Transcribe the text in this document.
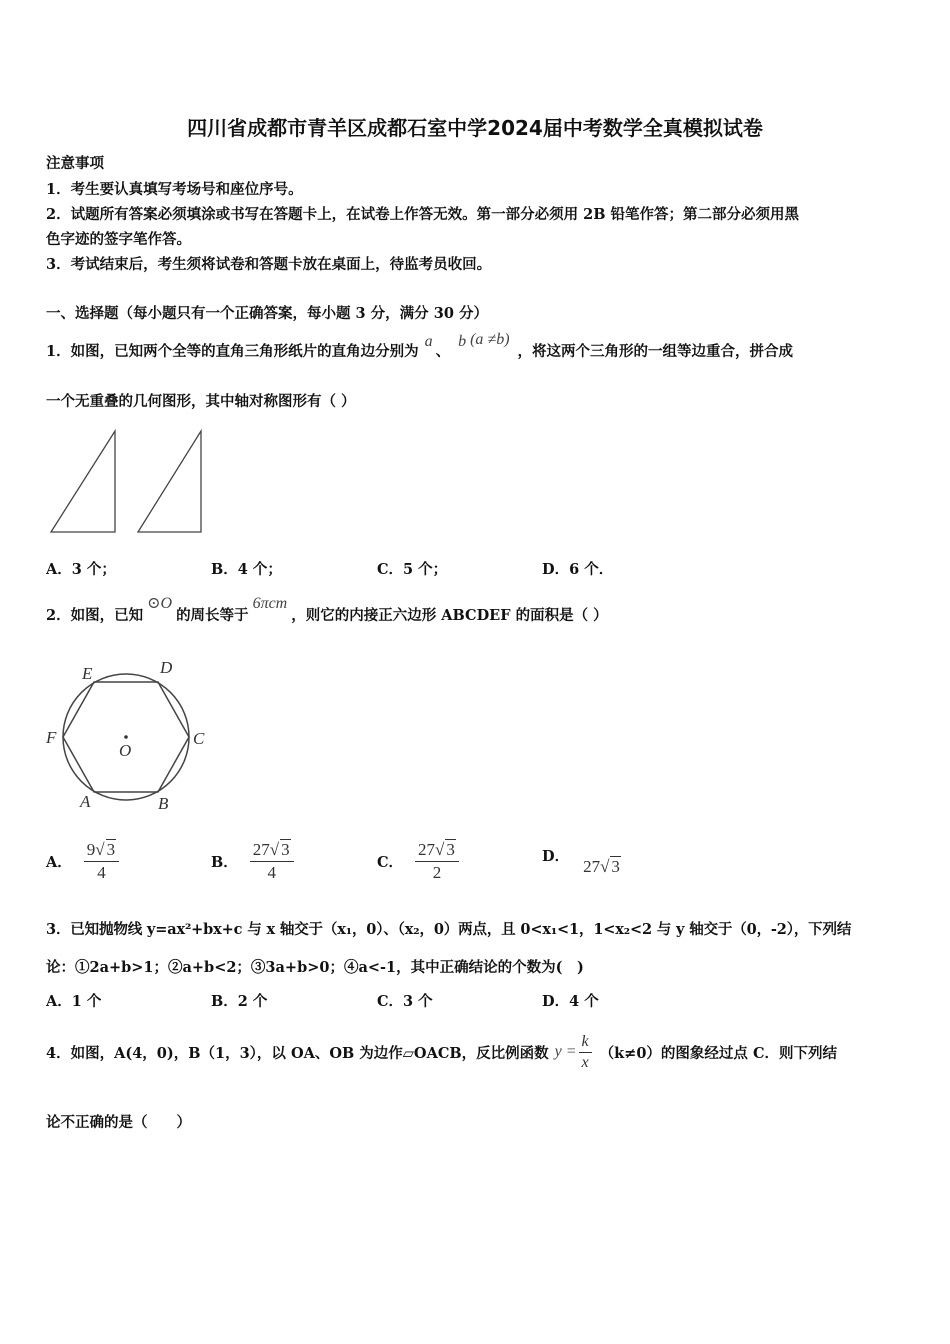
四川省成都市青羊区成都石室中学2024届中考数学全真模拟试卷
注意事项
1．考生要认真填写考场号和座位序号。
2．试题所有答案必须填涂或书写在答题卡上，在试卷上作答无效。第一部分必须用 2B 铅笔作答；第二部分必须用黑
色字迹的签字笔作答。
3．考试结束后，考生须将试卷和答题卡放在桌面上，待监考员收回。
一、选择题（每小题只有一个正确答案，每小题 3 分，满分 30 分）
1．如图，已知两个全等的直角三角形纸片的直角边分别为a、b (a ≠b)，将这两个三角形的一组等边重合，拼合成
一个无重叠的几何图形，其中轴对称图形有（ ）
A．3 个；	B．4 个；	C．5 个；	D．6 个．
2．如图，已知⊙O的周长等于6πcm，则它的内接正六边形 ABCDEF 的面积是（ ）
O
E	D
F	C
A	B
A． $\frac{9√ 3}{4}$	B． $\frac{27√ 3}{4}$	C． $\frac{27√ 3}{2}$	D．
27√ 3
3．已知抛物线 y=ax²+bx+c 与 x 轴交于（x₁，0）、（x₂，0）两点，且 0<x₁<1，1<x₂<2 与 y 轴交于（0，-2），下列结
论：①2a+b>1；②a+b<2；③3a+b>0；④a<-1，其中正确结论的个数为(　)
A．1 个	B．2 个	C．3 个	D．4 个
4．如图，A(4，0)，B（1，3），以 OA、OB 为边作▱OACB，反比例函数 $y = \frac{k}{x} (k\ne 0)$的图象经过点 C．则下列结
论不正确的是（　　）
